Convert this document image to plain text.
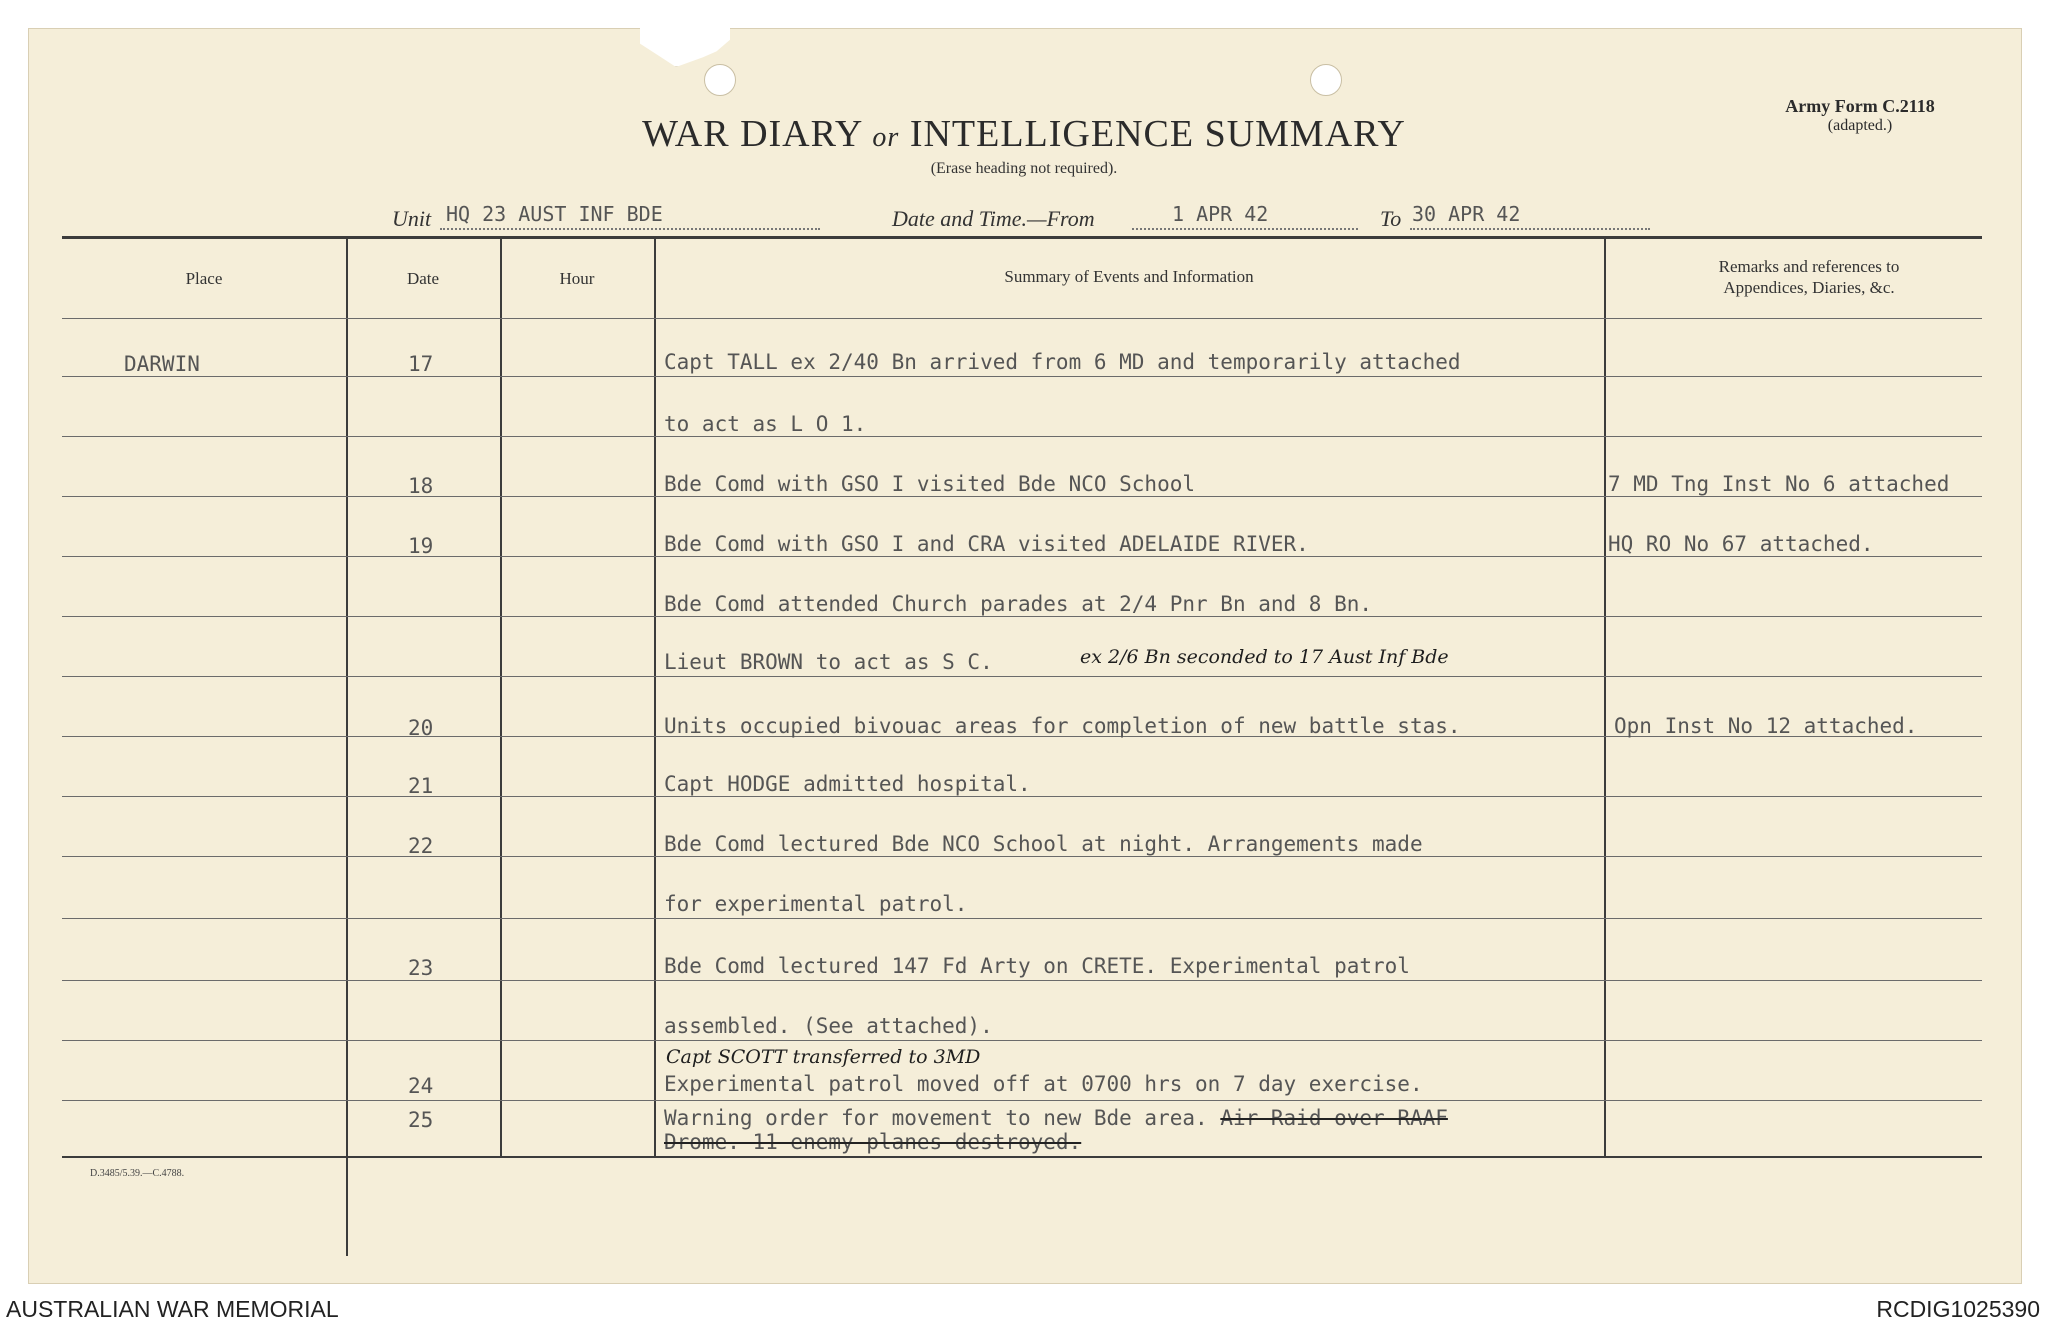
WAR DIARY or INTELLIGENCE SUMMARY
(Erase heading not required).
Army Form C.2118
(adapted.)
Unit HQ 23 AUST INF BDE	Date and Time.—From	1 APR 42	To 30 APR 42
Place	Date	Hour	Summary of Events and Information
Remarks and references to
Appendices, Diaries, &c.
DARWIN	17	Capt TALL ex 2/40 Bn arrived from 6 MD and temporarily attached
to act as L O 1.
18	Bde Comd with GSO I visited Bde NCO School	7 MD Tng Inst No 6 attached
19	Bde Comd with GSO I and CRA visited ADELAIDE RIVER.	HQ RO No 67 attached.
Bde Comd attended Church parades at 2/4 Pnr Bn and 8 Bn.
Lieut BROWN to act as S C.	ex 2/6 Bn seconded to 17 Aust Inf Bde
20	Units occupied bivouac areas for completion of new battle stas.	Opn Inst No 12 attached.
21	Capt HODGE admitted hospital.
22	Bde Comd lectured Bde NCO School at night. Arrangements made
for experimental patrol.
23	Bde Comd lectured 147 Fd Arty on CRETE. Experimental patrol
assembled. (See attached).
Capt SCOTT transferred to 3MD
24	Experimental patrol moved off at 0700 hrs on 7 day exercise.
25	Warning order for movement to new Bde area. Air Raid over RAAF
Drome. 11 enemy planes destroyed.
D.3485/5.39.—C.4788.
AUSTRALIAN WAR MEMORIAL	RCDIG1025390
